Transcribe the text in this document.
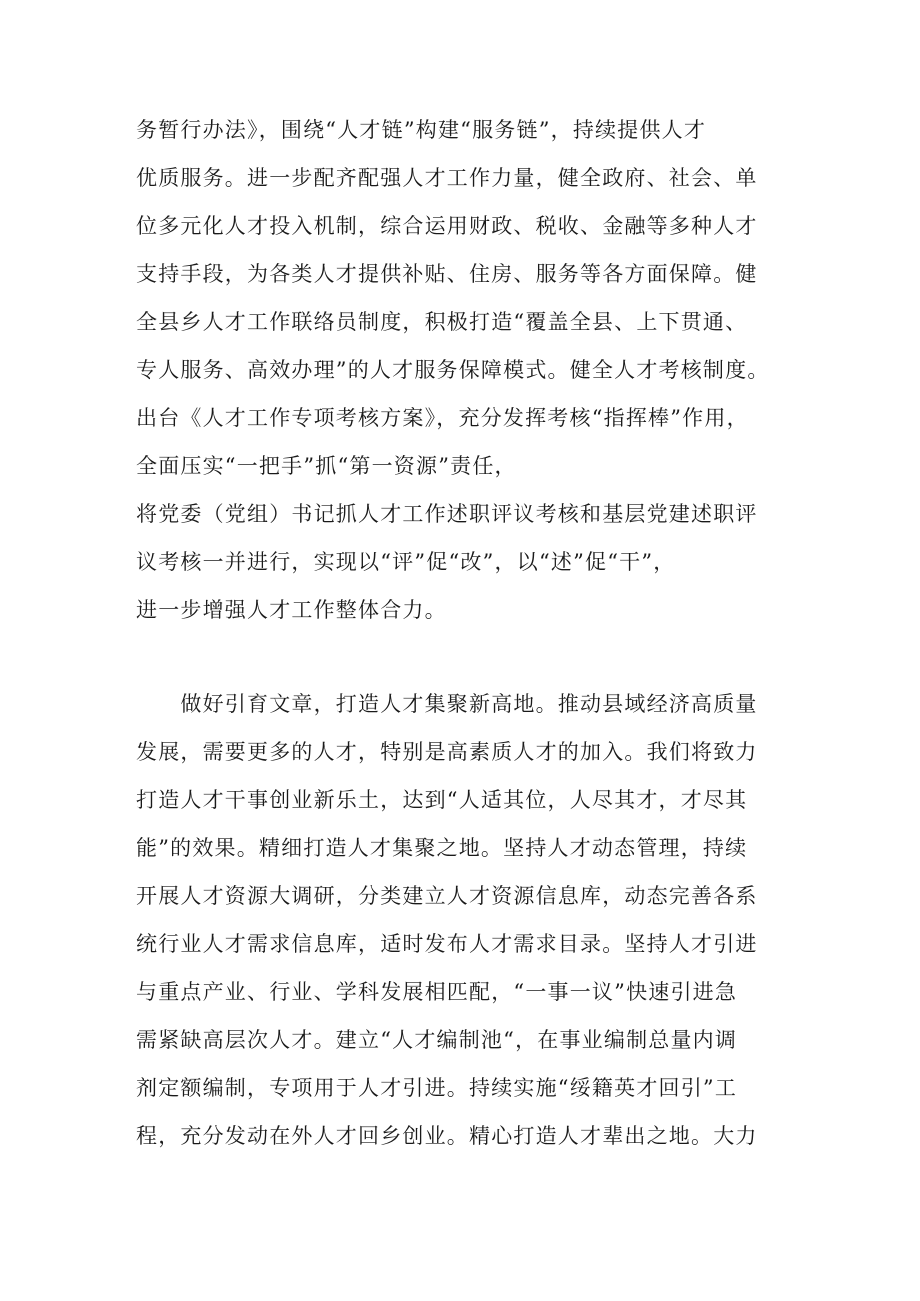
务暂行办法》，围绕“人才链”构建“服务链”，持续提供人才
优质服务。进一步配齐配强人才工作力量，健全政府、社会、单
位多元化人才投入机制，综合运用财政、税收、金融等多种人才
支持手段，为各类人才提供补贴、住房、服务等各方面保障。健
全县乡人才工作联络员制度，积极打造“覆盖全县、上下贯通、
专人服务、高效办理”的人才服务保障模式。健全人才考核制度。
出台《人才工作专项考核方案》，充分发挥考核“指挥棒”作用，
全面压实“一把手”抓“第一资源”责任，
将党委（党组）书记抓人才工作述职评议考核和基层党建述职评
议考核一并进行，实现以“评”促“改”，以“述”促“干”，
进一步增强人才工作整体合力。

　　做好引育文章，打造人才集聚新高地。推动县域经济高质量
发展，需要更多的人才，特别是高素质人才的加入。我们将致力
打造人才干事创业新乐土，达到“人适其位，人尽其才，才尽其
能”的效果。精细打造人才集聚之地。坚持人才动态管理，持续
开展人才资源大调研，分类建立人才资源信息库，动态完善各系
统行业人才需求信息库，适时发布人才需求目录。坚持人才引进
与重点产业、行业、学科发展相匹配，“一事一议”快速引进急
需紧缺高层次人才。建立“人才编制池“，在事业编制总量内调
剂定额编制，专项用于人才引进。持续实施“绥籍英才回引”工
程，充分发动在外人才回乡创业。精心打造人才辈出之地。大力
